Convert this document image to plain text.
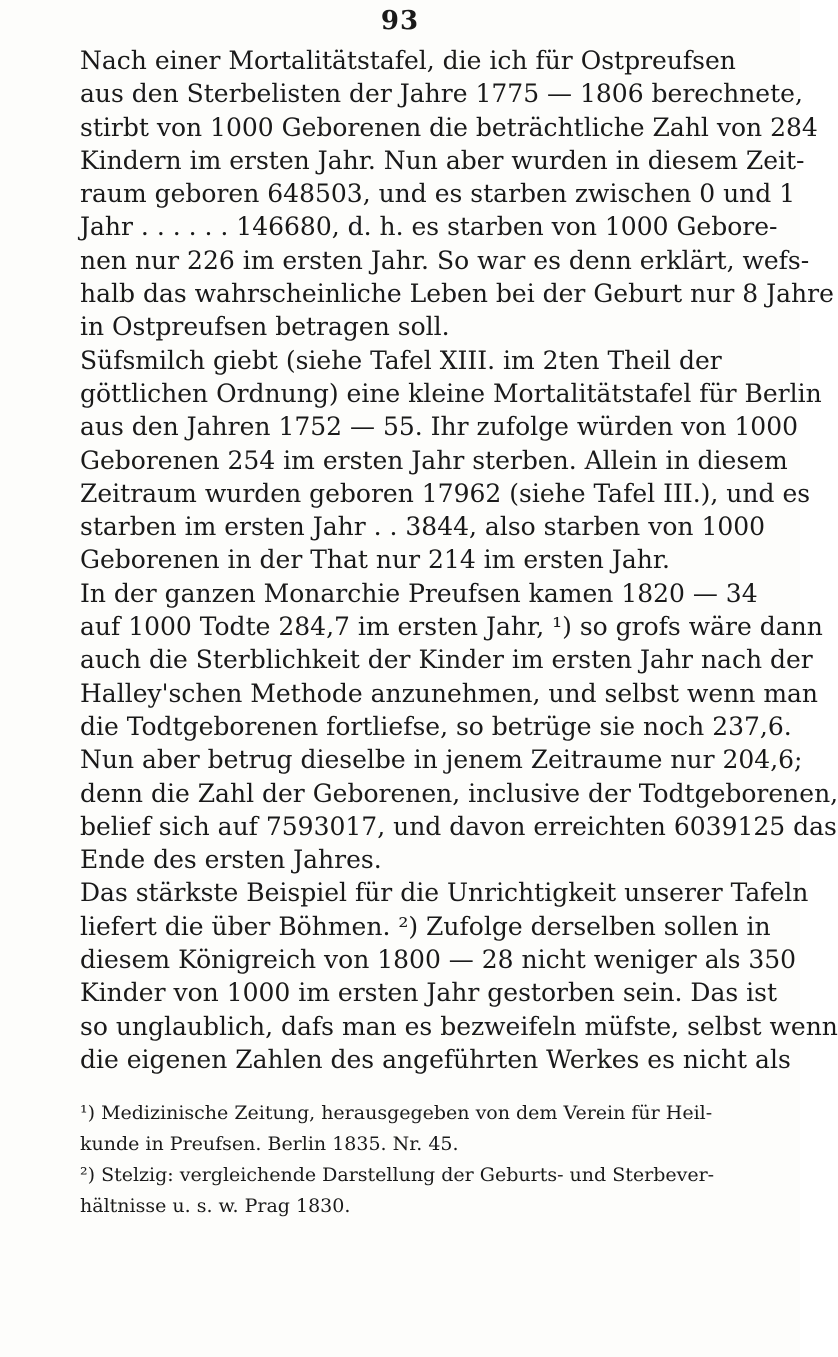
93
Nach einer Mortalitätstafel, die ich für Ostpreufsen
aus den Sterbelisten der Jahre 1775 — 1806 berechnete,
stirbt von 1000 Geborenen die beträchtliche Zahl von 284
Kindern im ersten Jahr. Nun aber wurden in diesem Zeit-
raum geboren 648503, und es starben zwischen 0 und 1
Jahr . . . . . . 146680, d. h. es starben von 1000 Gebore-
nen nur 226 im ersten Jahr. So war es denn erklärt, wefs-
halb das wahrscheinliche Leben bei der Geburt nur 8 Jahre
in Ostpreufsen betragen soll.
Süfsmilch giebt (siehe Tafel XIII. im 2ten Theil der
göttlichen Ordnung) eine kleine Mortalitätstafel für Berlin
aus den Jahren 1752 — 55. Ihr zufolge würden von 1000
Geborenen 254 im ersten Jahr sterben. Allein in diesem
Zeitraum wurden geboren 17962 (siehe Tafel III.), und es
starben im ersten Jahr . . 3844, also starben von 1000
Geborenen in der That nur 214 im ersten Jahr.
In der ganzen Monarchie Preufsen kamen 1820 — 34
auf 1000 Todte 284,7 im ersten Jahr, ¹) so grofs wäre dann
auch die Sterblichkeit der Kinder im ersten Jahr nach der
Halley'schen Methode anzunehmen, und selbst wenn man
die Todtgeborenen fortliefse, so betrüge sie noch 237,6.
Nun aber betrug dieselbe in jenem Zeitraume nur 204,6;
denn die Zahl der Geborenen, inclusive der Todtgeborenen,
belief sich auf 7593017, und davon erreichten 6039125 das
Ende des ersten Jahres.
Das stärkste Beispiel für die Unrichtigkeit unserer Tafeln
liefert die über Böhmen. ²) Zufolge derselben sollen in
diesem Königreich von 1800 — 28 nicht weniger als 350
Kinder von 1000 im ersten Jahr gestorben sein. Das ist
so unglaublich, dafs man es bezweifeln müfste, selbst wenn
die eigenen Zahlen des angeführten Werkes es nicht als
¹) Medizinische Zeitung, herausgegeben von dem Verein für Heil-
kunde in Preufsen. Berlin 1835. Nr. 45.
²) Stelzig: vergleichende Darstellung der Geburts- und Sterbever-
hältnisse u. s. w. Prag 1830.
